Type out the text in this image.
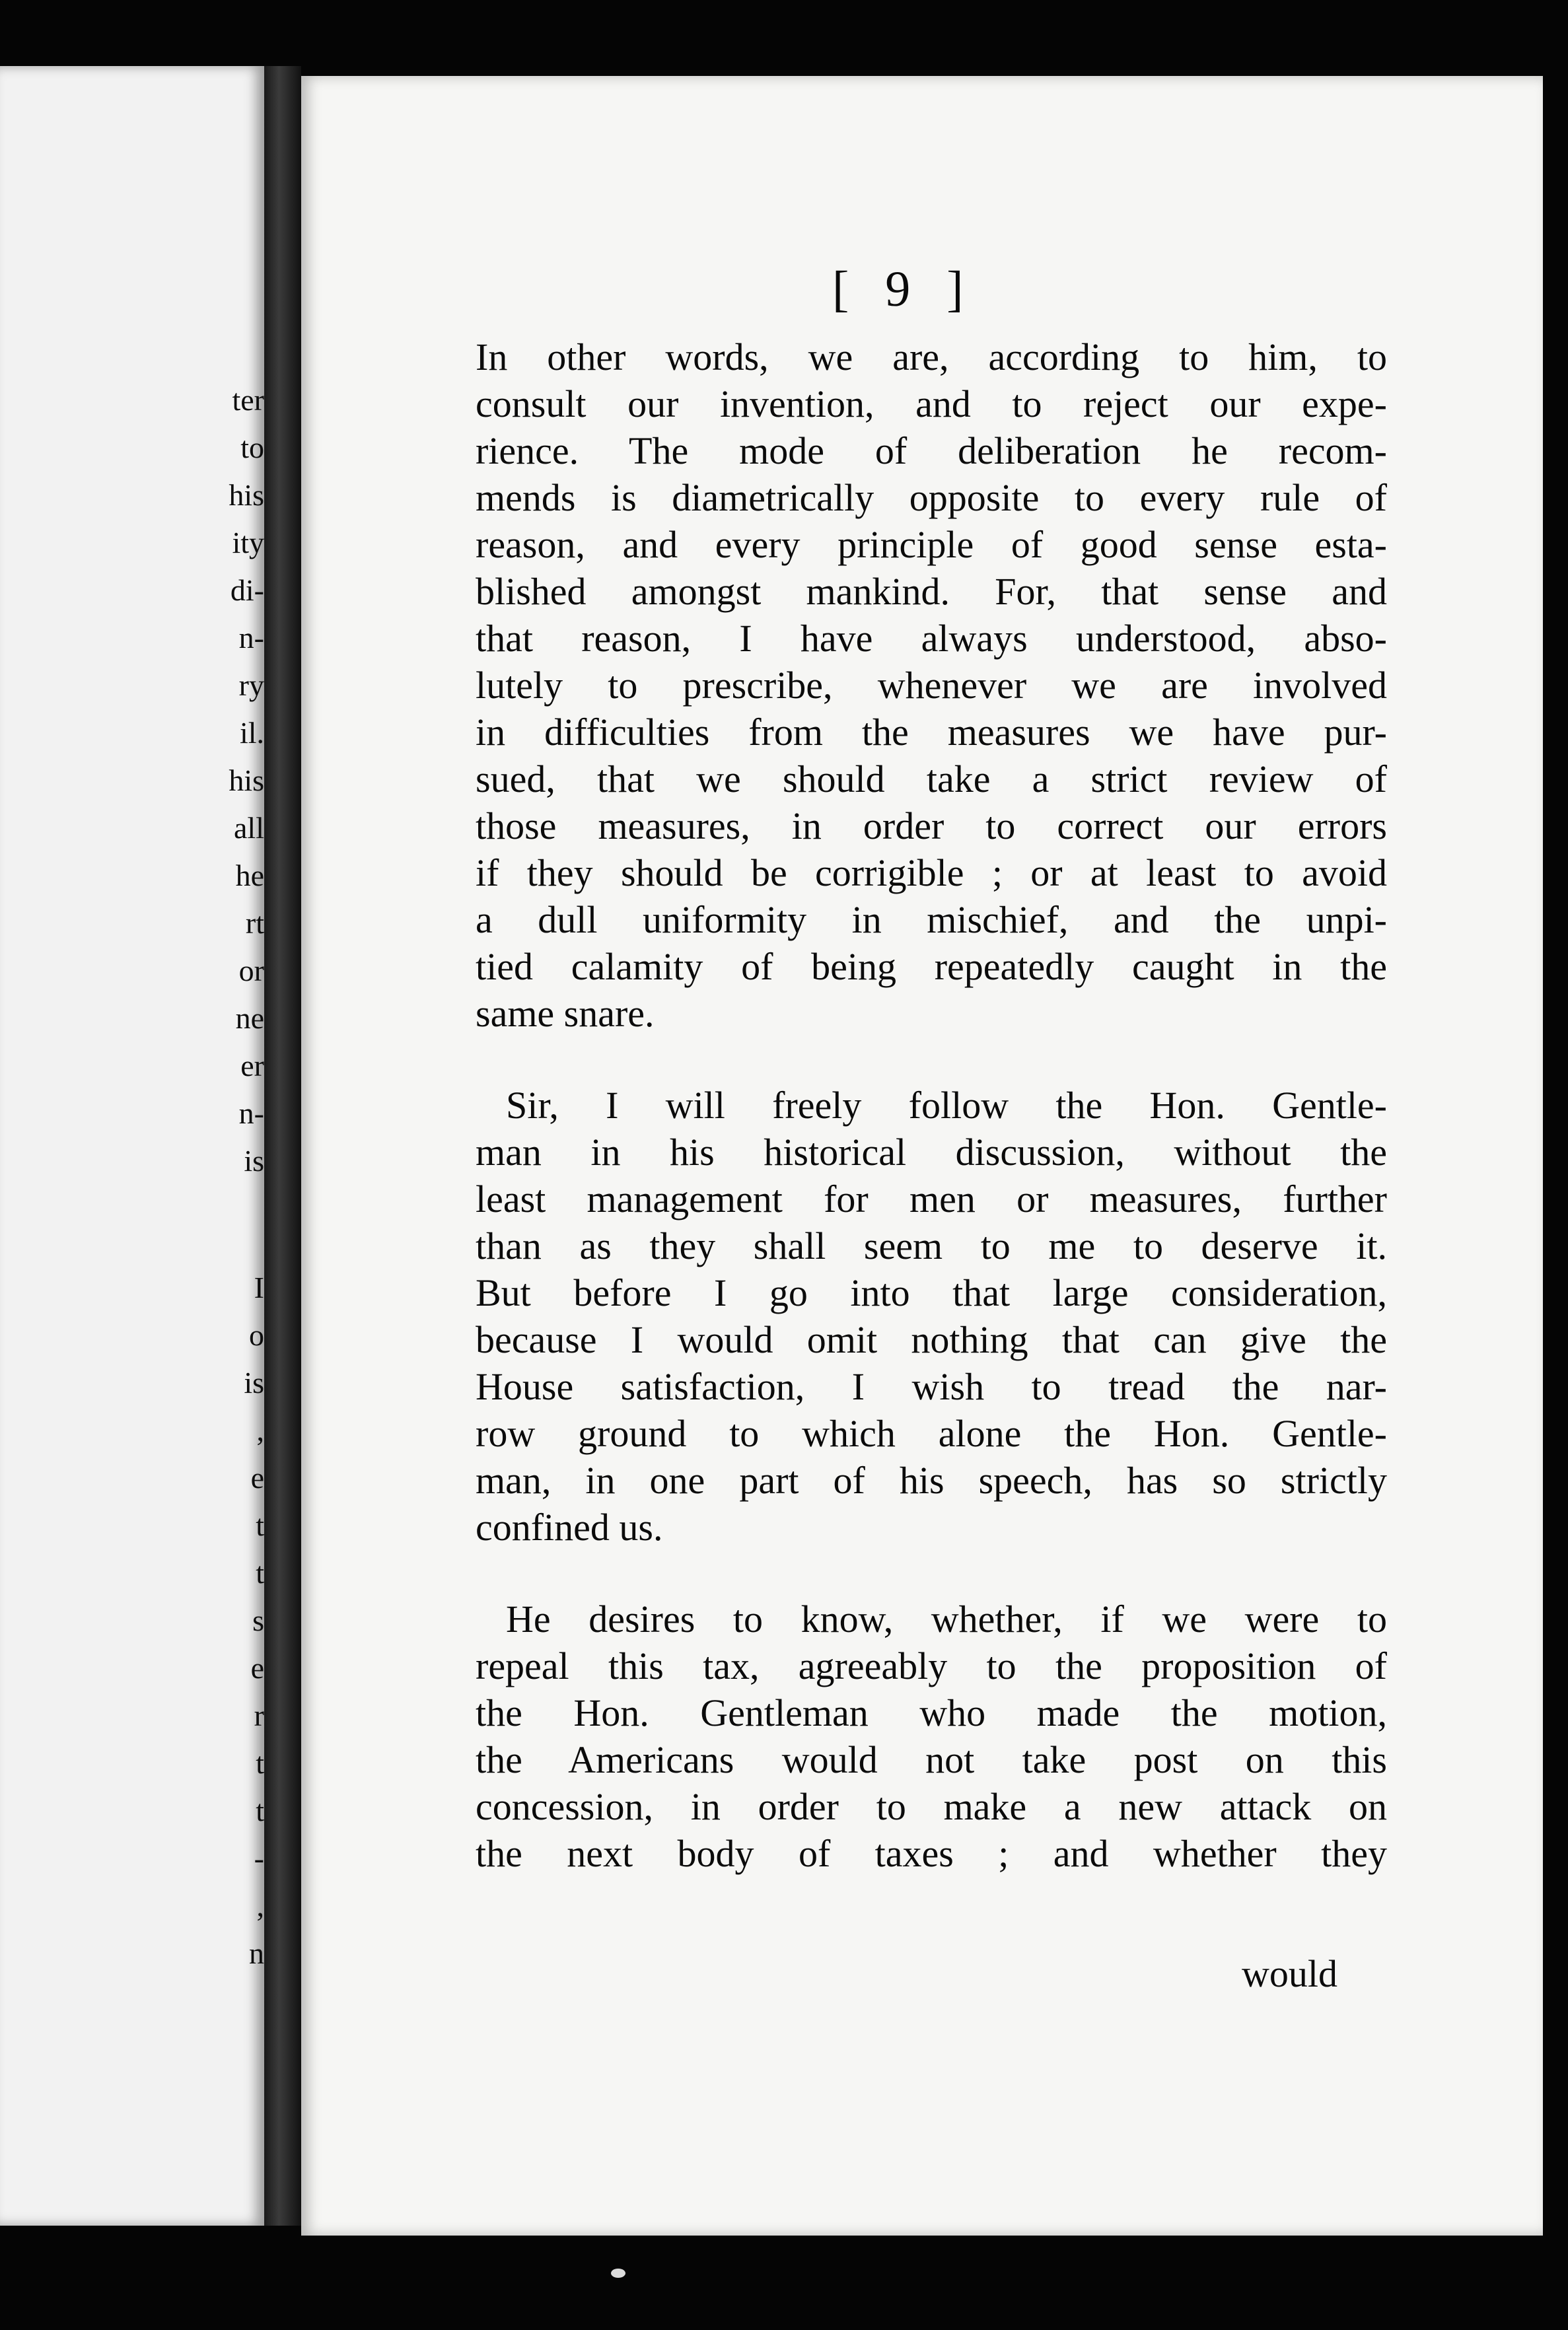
ter
to
his
ity
di-
n-
ry
il.
his
all
he
rt
or
ne
er
n-
is
I
o
is
,
e
t
t
s
e
r
t
t
-
,
n
[ 9 ]
In other words, we are, according to him, to
consult our invention, and to reject our expe-
rience. The mode of deliberation he recom-
mends is diametrically opposite to every rule of
reason, and every principle of good sense esta-
blished amongst mankind. For, that sense and
that reason, I have always understood, abso-
lutely to prescribe, whenever we are involved
in difficulties from the measures we have pur-
sued, that we should take a strict review of
those measures, in order to correct our errors
if they should be corrigible ; or at least to avoid
a dull uniformity in mischief, and the unpi-
tied calamity of being repeatedly caught in the
same snare.
Sir, I will freely follow the Hon. Gentle-
man in his historical discussion, without the
least management for men or measures, further
than as they shall seem to me to deserve it.
But before I go into that large consideration,
because I would omit nothing that can give the
House satisfaction, I wish to tread the nar-
row ground to which alone the Hon. Gentle-
man, in one part of his speech, has so strictly
confined us.
He desires to know, whether, if we were to
repeal this tax, agreeably to the proposition of
the Hon. Gentleman who made the motion,
the Americans would not take post on this
concession, in order to make a new attack on
the next body of taxes ; and whether they
would
